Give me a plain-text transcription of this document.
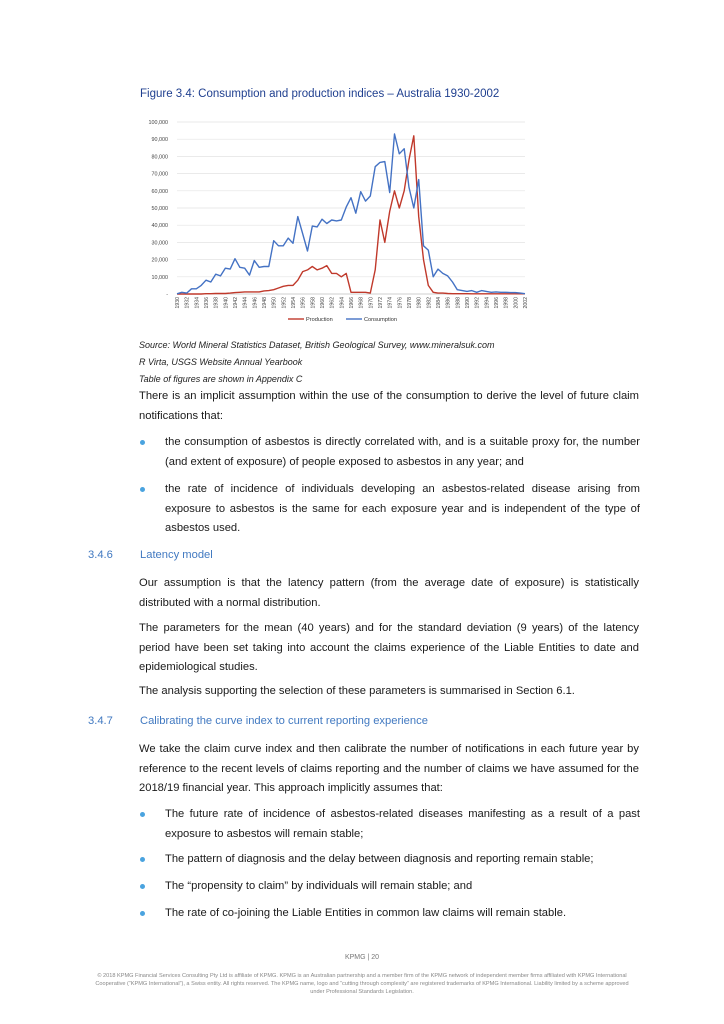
Figure 3.4: Consumption and production indices – Australia 1930-2002
100,000
90,000
80,000
70,000
60,000
50,000
40,000
30,000
20,000
10,000
-
1930 1932 1934 1936 1938 1940 1942 1944 1946 1948 1950 1952 1954 1956 1958 1960 1962 1964 1966 1968 1970 1972 1974 1976 1978 1980 1982 1984 1986 1988 1990 1992 1994 1996 1998 2000 2002
Production	Consumption
Source: World Mineral Statistics Dataset, British Geological Survey, www.mineralsuk.com
R Virta, USGS Website Annual Yearbook
Table of figures are shown in Appendix C

There is an implicit assumption within the use of the consumption to derive the level of future claim notifications that:

the consumption of asbestos is directly correlated with, and is a suitable proxy for, the number (and extent of exposure) of people exposed to asbestos in any year; and
the rate of incidence of individuals developing an asbestos-related disease arising from exposure to asbestos is the same for each exposure year and is independent of the type of asbestos used.
3.4.6 Latency model

Our assumption is that the latency pattern (from the average date of exposure) is statistically distributed with a normal distribution.

The parameters for the mean (40 years) and for the standard deviation (9 years) of the latency period have been set taking into account the claims experience of the Liable Entities to date and epidemiological studies.

The analysis supporting the selection of these parameters is summarised in Section 6.1.

3.4.7 Calibrating the curve index to current reporting experience

We take the claim curve index and then calibrate the number of notifications in each future year by reference to the recent levels of claims reporting and the number of claims we have assumed for the 2018/19 financial year. This approach implicitly assumes that:

The future rate of incidence of asbestos-related diseases manifesting as a result of a past exposure to asbestos will remain stable;
The pattern of diagnosis and the delay between diagnosis and reporting remain stable;
The “propensity to claim” by individuals will remain stable; and
The rate of co-joining the Liable Entities in common law claims will remain stable.
KPMG | 20
© 2018 KPMG Financial Services Consulting Pty Ltd is affiliate of KPMG. KPMG is an Australian partnership and a member firm of the KPMG network of independent member firms affiliated with KPMG International Cooperative (“KPMG International”), a Swiss entity. All rights reserved. The KPMG name, logo and “cutting through complexity” are registered trademarks of KPMG International. Liability limited by a scheme approved under Professional Standards Legislation.
